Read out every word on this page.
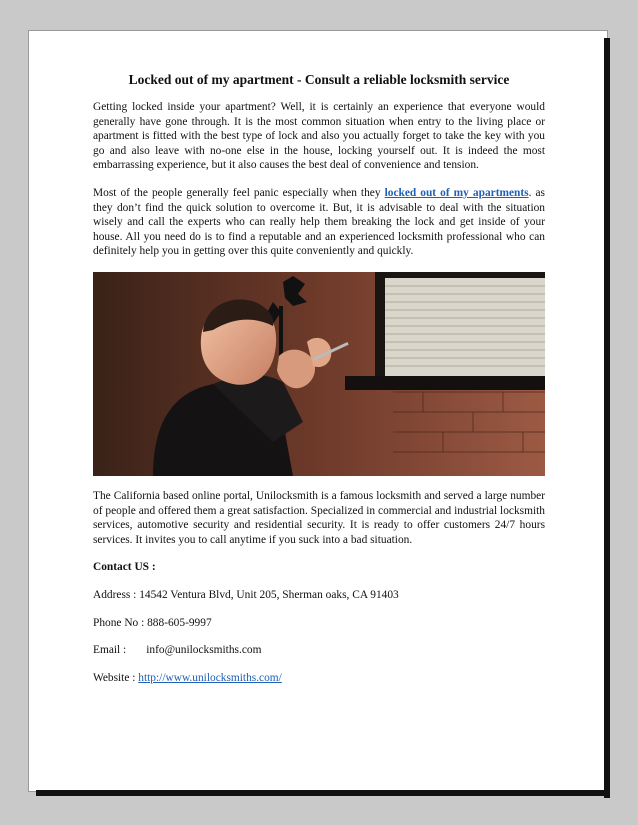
Locked out of my apartment - Consult a reliable locksmith service

Getting locked inside your apartment? Well, it is certainly an experience that everyone would generally have gone through. It is the most common situation when entry to the living place or apartment is fitted with the best type of lock and also you actually forget to take the key with you go and also leave with no-one else in the house, locking yourself out. It is indeed the most embarrassing experience, but it also causes the best deal of convenience and tension.

Most of the people generally feel panic especially when they locked out of my apartments. as they don’t find the quick solution to overcome it. But, it is advisable to deal with the situation wisely and call the experts who can really help them breaking the lock and get inside of your house. All you need do is to find a reputable and an experienced locksmith professional who can definitely help you in getting over this quite conveniently and quickly.

The California based online portal, Unilocksmith is a famous locksmith and served a large number of people and offered them a great satisfaction. Specialized in commercial and industrial locksmith services, automotive security and residential security. It is ready to offer customers 24/7 hours services. It invites you to call anytime if you suck into a bad situation.

Contact US :

Address : 14542 Ventura Blvd, Unit 205, Sherman oaks, CA 91403

Phone No : 888-605-9997

Email : info@unilocksmiths.com

Website : http://www.unilocksmiths.com/
